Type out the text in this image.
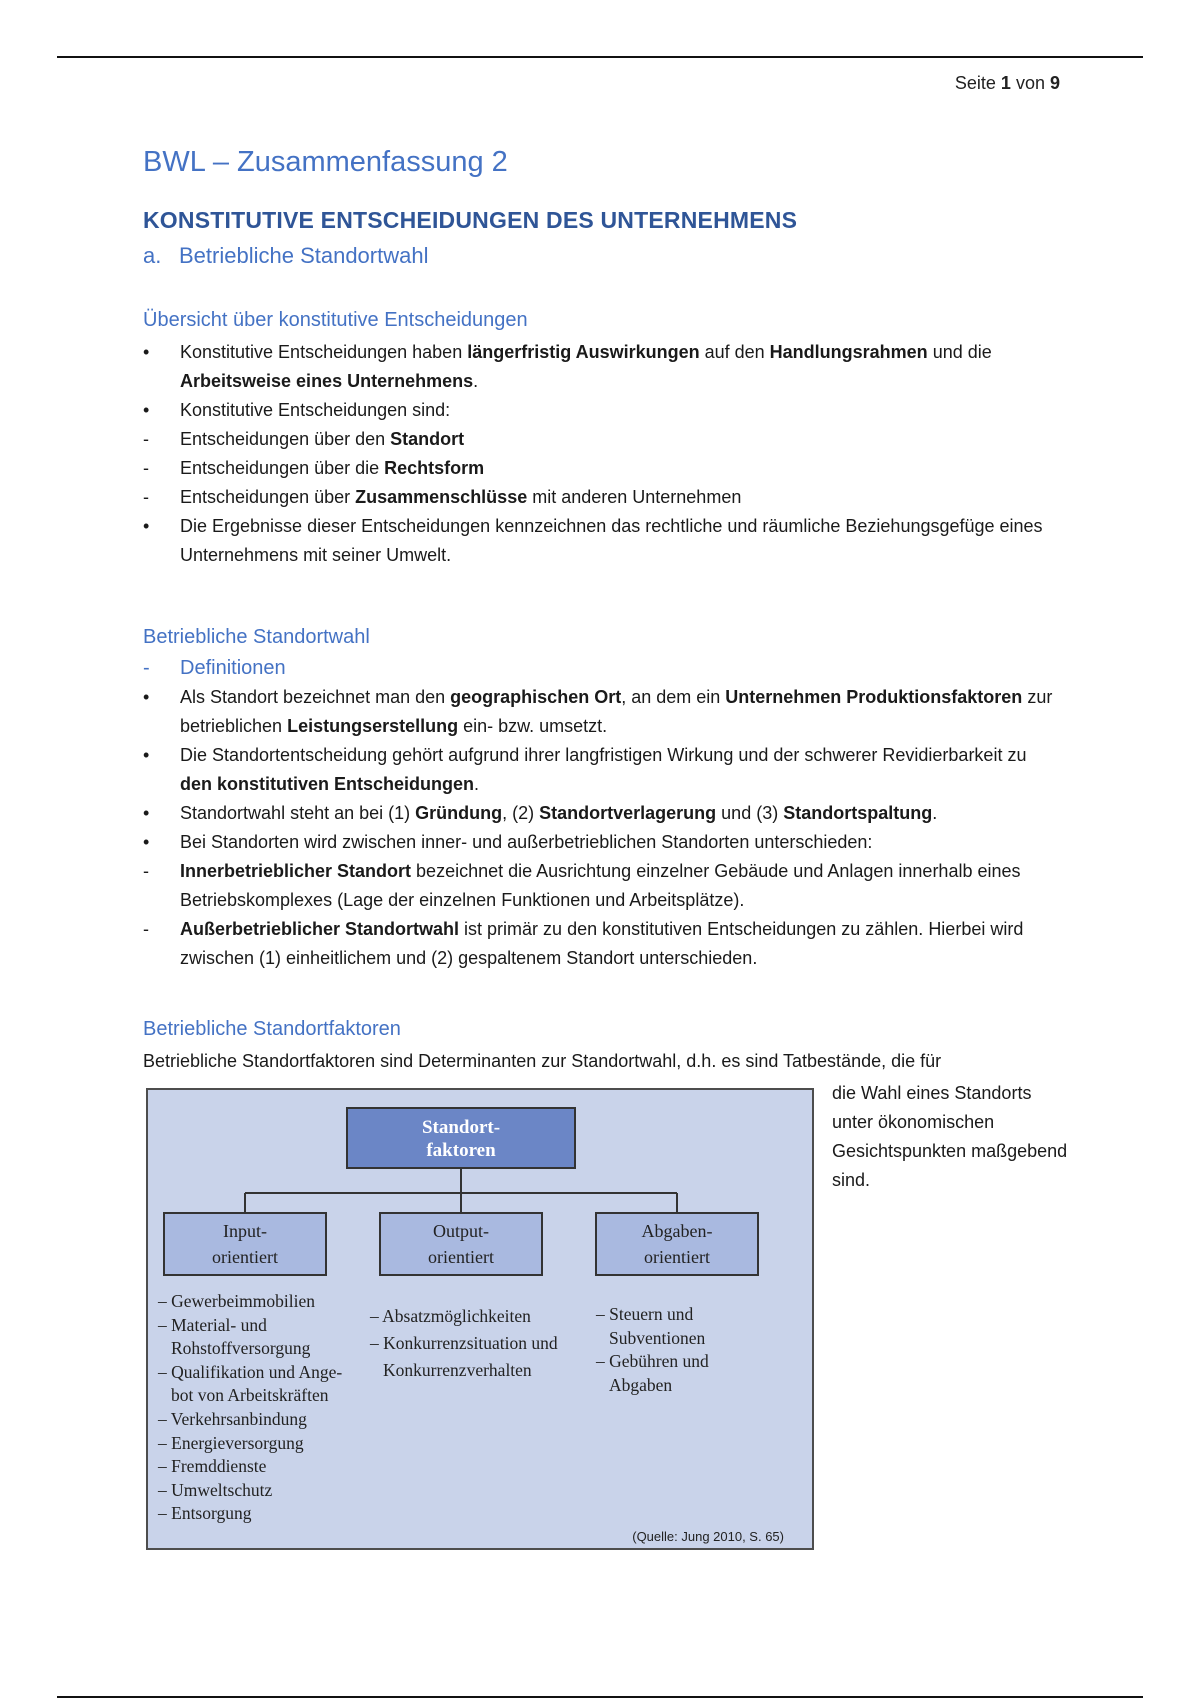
Seite 1 von 9
BWL – Zusammenfassung 2
KONSTITUTIVE ENTSCHEIDUNGEN DES UNTERNEHMENS
a. Betriebliche Standortwahl
Übersicht über konstitutive Entscheidungen
•	Konstitutive Entscheidungen haben längerfristig Auswirkungen auf den Handlungsrahmen und die Arbeitsweise eines Unternehmens.
•	Konstitutive Entscheidungen sind:
-	Entscheidungen über den Standort
-	Entscheidungen über die Rechtsform
-	Entscheidungen über Zusammenschlüsse mit anderen Unternehmen
•	Die Ergebnisse dieser Entscheidungen kennzeichnen das rechtliche und räumliche Beziehungsgefüge eines Unternehmens mit seiner Umwelt.
Betriebliche Standortwahl
-	Definitionen
•	Als Standort bezeichnet man den geographischen Ort, an dem ein Unternehmen Produktionsfaktoren zur betrieblichen Leistungserstellung ein- bzw. umsetzt.
•	Die Standortentscheidung gehört aufgrund ihrer langfristigen Wirkung und der schwerer Revidierbarkeit zu den konstitutiven Entscheidungen.
•	Standortwahl steht an bei (1) Gründung, (2) Standortverlagerung und (3) Standortspaltung.
•	Bei Standorten wird zwischen inner- und außerbetrieblichen Standorten unterschieden:
-	Innerbetrieblicher Standort bezeichnet die Ausrichtung einzelner Gebäude und Anlagen innerhalb eines Betriebskomplexes (Lage der einzelnen Funktionen und Arbeitsplätze).
-	Außerbetrieblicher Standortwahl ist primär zu den konstitutiven Entscheidungen zu zählen. Hierbei wird zwischen (1) einheitlichem und (2) gespaltenem Standort unterschieden.
Betriebliche Standortfaktoren
Betriebliche Standortfaktoren sind Determinanten zur Standortwahl, d.h. es sind Tatbestände, die für
die Wahl eines Standorts unter ökonomischen Gesichtspunkten maßgebend sind.
Standort-
faktoren
Input-
orientiert
Output-
orientiert
Abgaben-
orientiert
– Gewerbeimmobilien
– Material- und
Rohstoffversorgung
– Qualifikation und Ange-
bot von Arbeitskräften
– Verkehrsanbindung
– Energieversorgung
– Fremddienste
– Umweltschutz
– Entsorgung
– Absatzmöglichkeiten
– Konkurrenzsituation und
Konkurrenzverhalten
– Steuern und
Subventionen
– Gebühren und
Abgaben
(Quelle: Jung 2010, S. 65)
